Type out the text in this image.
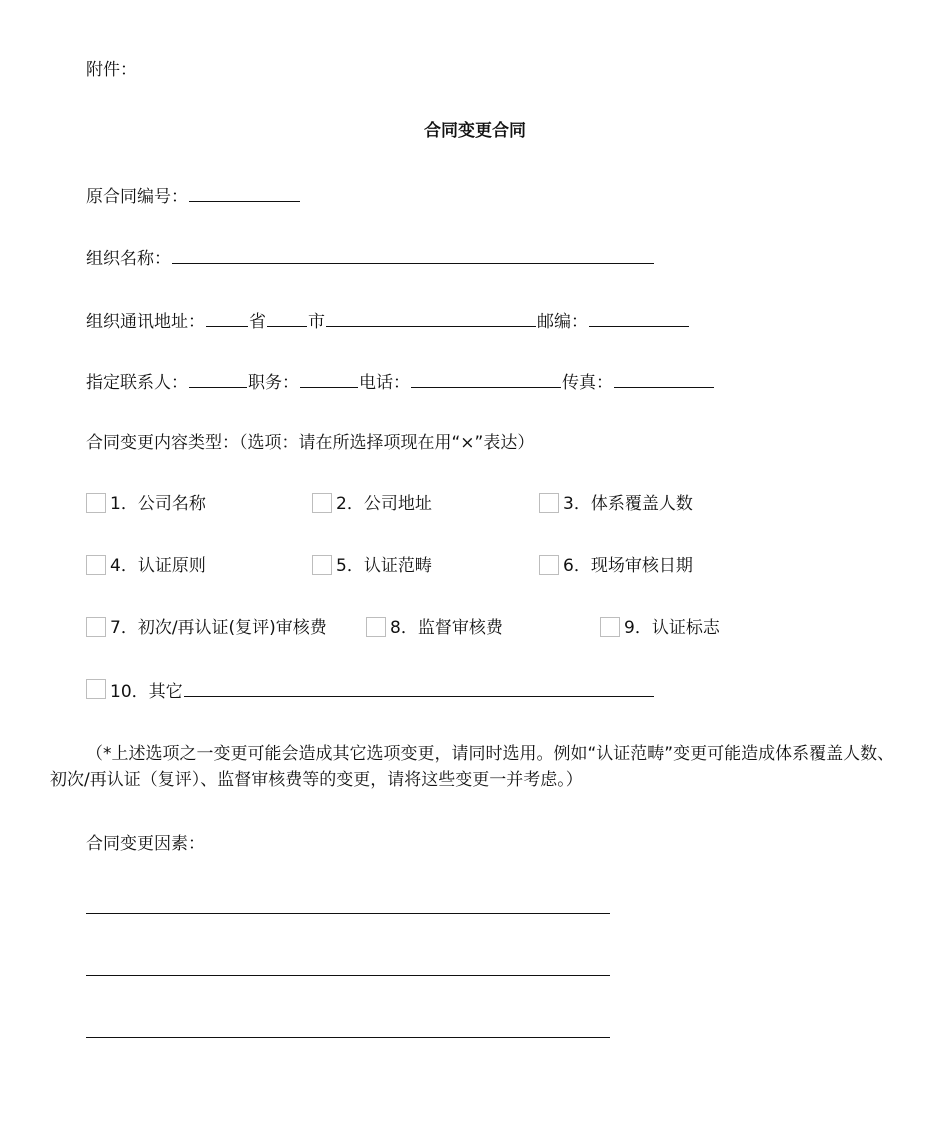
附件：
合同变更合同
原合同编号：
组织名称：
组织通讯地址：	省 市	邮编：
指定联系人：	职务：	电话：	传真：
合同变更内容类型：（选项：请在所选择项现在用“×”表达）
1．公司名称	2．公司地址	3．体系覆盖人数
4．认证原则	5．认证范畴	6．现场审核日期
7．初次/再认证(复评)审核费	8．监督审核费	9．认证标志
10．其它
（*上述选项之一变更可能会造成其它选项变更，请同时选用。例如“认证范畴”变更可能造成体系覆盖人数、初次/再认证（复评）、监督审核费等的变更，请将这些变更一并考虑。）
合同变更因素：
